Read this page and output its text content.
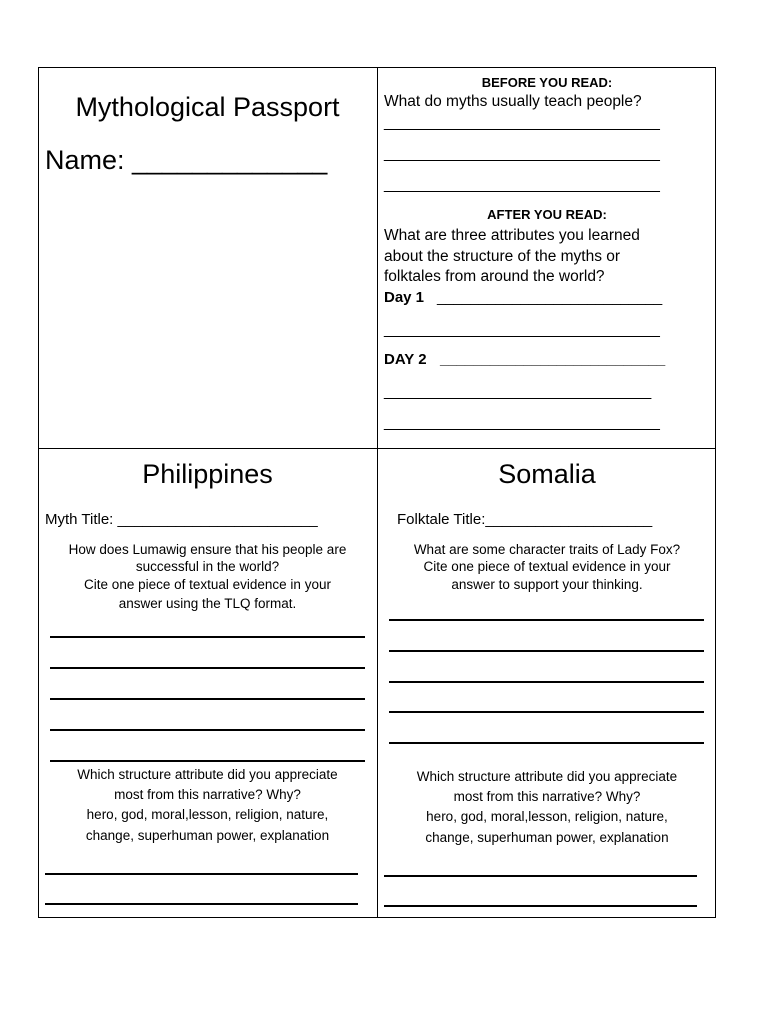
Mythological Passport
Name: _____________
BEFORE YOU READ:
What do myths usually teach people?
________________________________
________________________________
________________________________
AFTER YOU READ:
What are three attributes you learned
about the structure of the myths or
folktales from around the world?
Day 1 ___________________________
________________________________
DAY 2 ___________________________
_______________________________
________________________________
Philippines
Myth Title: ________________________
How does Lumawig ensure that his people are
successful in the world?
Cite one piece of textual evidence in your
answer using the TLQ format.
Which structure attribute did you appreciate
most from this narrative? Why?
hero, god, moral,lesson, religion, nature,
change, superhuman power, explanation
Somalia
Folktale Title:____________________
What are some character traits of Lady Fox?
Cite one piece of textual evidence in your
answer to support your thinking.
Which structure attribute did you appreciate
most from this narrative? Why?
hero, god, moral,lesson, religion, nature,
change, superhuman power, explanation
